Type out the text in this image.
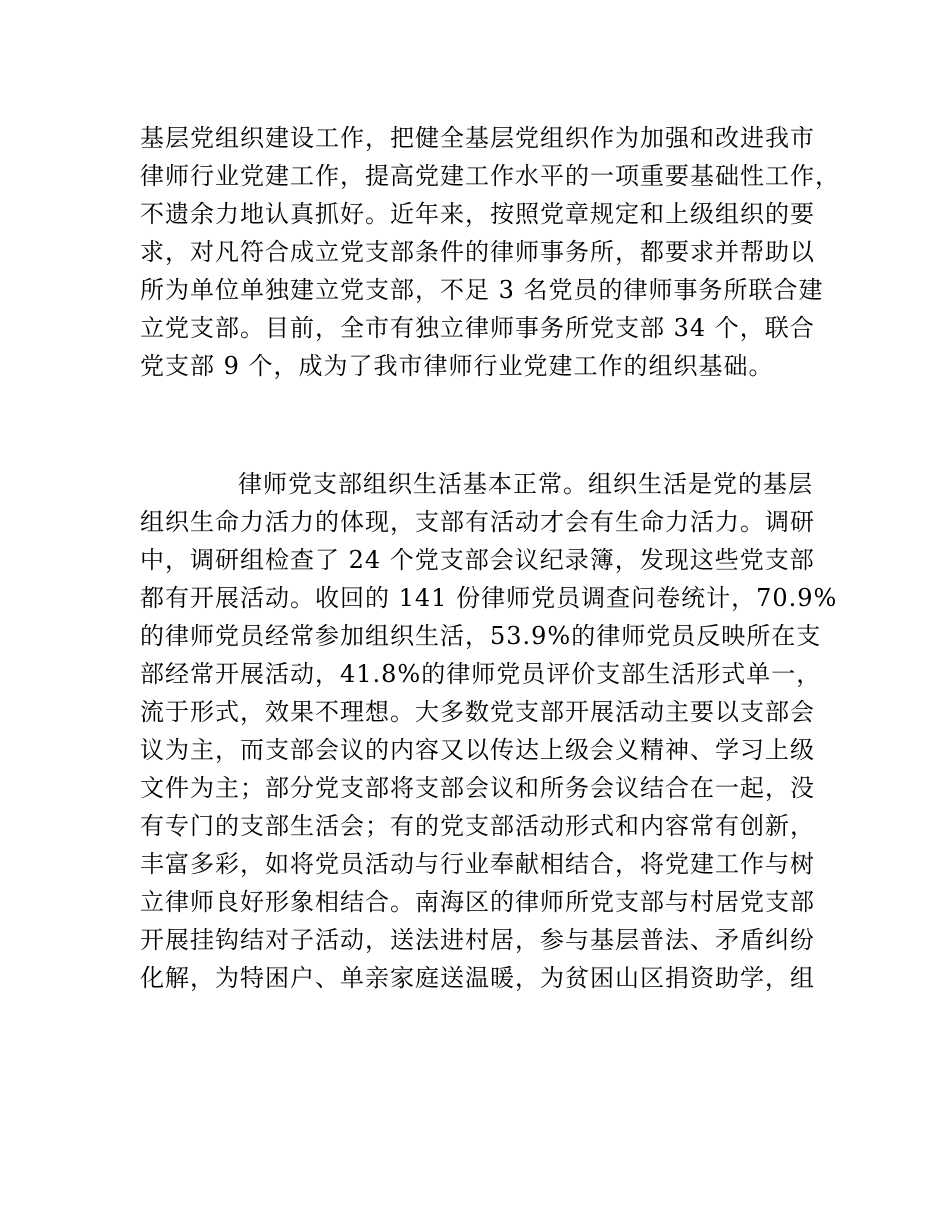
基层党组织建设工作，把健全基层党组织作为加强和改进我市
律师行业党建工作，提高党建工作水平的一项重要基础性工作，
不遗余力地认真抓好。近年来，按照党章规定和上级组织的要
求，对凡符合成立党支部条件的律师事务所，都要求并帮助以
所为单位单独建立党支部，不足 3 名党员的律师事务所联合建
立党支部。目前，全市有独立律师事务所党支部 34 个，联合
党支部 9 个，成为了我市律师行业党建工作的组织基础。
律师党支部组织生活基本正常。组织生活是党的基层
组织生命力活力的体现，支部有活动才会有生命力活力。调研
中，调研组检查了 24 个党支部会议纪录簿，发现这些党支部
都有开展活动。收回的 141 份律师党员调查问卷统计，70.9%
的律师党员经常参加组织生活，53.9%的律师党员反映所在支
部经常开展活动，41.8%的律师党员评价支部生活形式单一，
流于形式，效果不理想。大多数党支部开展活动主要以支部会
议为主，而支部会议的内容又以传达上级会义精神、学习上级
文件为主；部分党支部将支部会议和所务会议结合在一起，没
有专门的支部生活会；有的党支部活动形式和内容常有创新，
丰富多彩，如将党员活动与行业奉献相结合，将党建工作与树
立律师良好形象相结合。南海区的律师所党支部与村居党支部
开展挂钩结对子活动，送法进村居，参与基层普法、矛盾纠纷
化解，为特困户、单亲家庭送温暖，为贫困山区捐资助学，组
